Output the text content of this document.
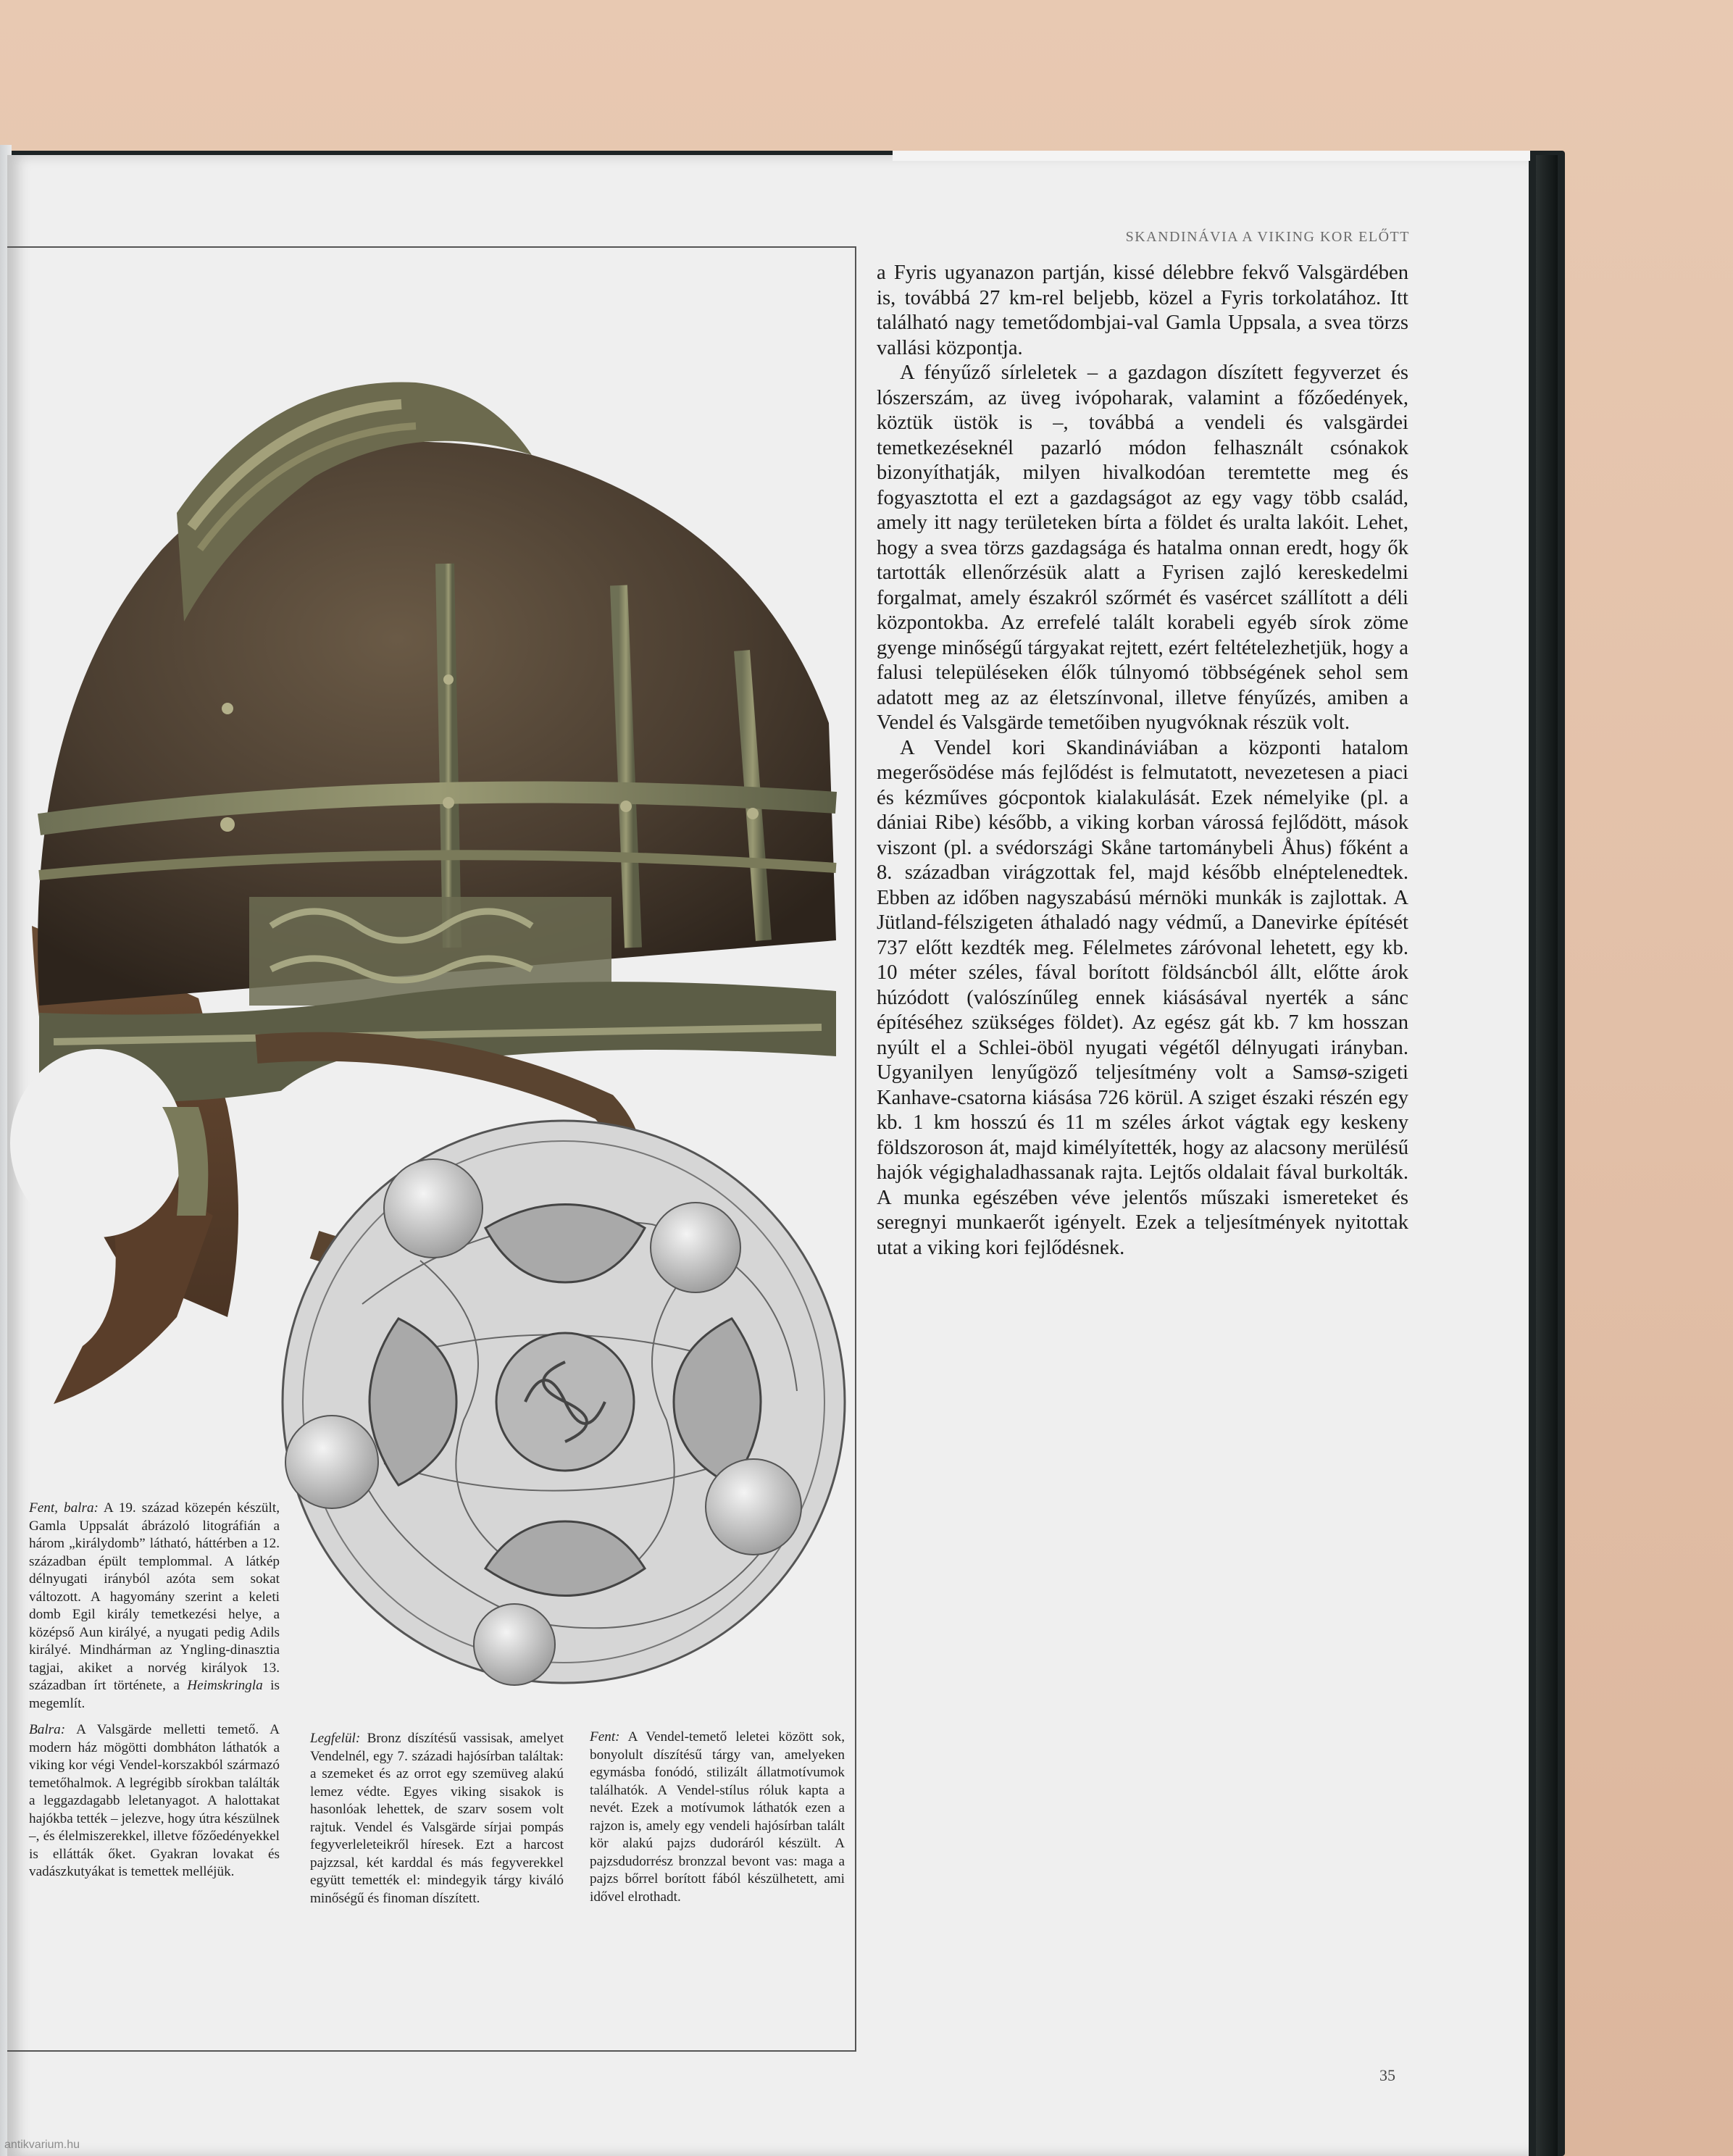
SKANDINÁVIA A VIKING KOR ELŐTT

a Fyris ugyanazon partján, kissé délebbre fekvő Valsgärdében is, továbbá 27 km-rel beljebb, közel a Fyris torkolatához. Itt található nagy temetődombjai-val Gamla Uppsala, a svea törzs vallási központja.

A fényűző sírleletek – a gazdagon díszített fegyverzet és lószerszám, az üveg ivópoharak, valamint a főzőedények, köztük üstök is –, továbbá a vendeli és valsgärdei temetkezéseknél pazarló módon felhasznált csónakok bizonyíthatják, milyen hivalkodóan teremtette meg és fogyasztotta el ezt a gazdagságot az egy vagy több család, amely itt nagy területeken bírta a földet és uralta lakóit. Lehet, hogy a svea törzs gazdagsága és hatalma onnan eredt, hogy ők tartották ellenőrzésük alatt a Fyrisen zajló kereskedelmi forgalmat, amely északról szőrmét és vasércet szállított a déli központokba. Az errefelé talált korabeli egyéb sírok zöme gyenge minőségű tárgyakat rejtett, ezért feltételezhetjük, hogy a falusi településeken élők túlnyomó többségének sehol sem adatott meg az az életszínvonal, illetve fényűzés, amiben a Vendel és Valsgärde temetőiben nyugvóknak részük volt.

A Vendel kori Skandináviában a központi hatalom megerősödése más fejlődést is felmutatott, nevezetesen a piaci és kézműves gócpontok kialakulását. Ezek némelyike (pl. a dániai Ribe) később, a viking korban várossá fejlődött, mások viszont (pl. a svédországi Skåne tartománybeli Åhus) főként a 8. században virágzottak fel, majd később elnéptelenedtek. Ebben az időben nagyszabású mérnöki munkák is zajlottak. A Jütland-félszigeten áthaladó nagy védmű, a Danevirke építését 737 előtt kezdték meg. Félelmetes záróvonal lehetett, egy kb. 10 méter széles, fával borított földsáncból állt, előtte árok húzódott (valószínűleg ennek kiásásával nyerték a sánc építéséhez szükséges földet). Az egész gát kb. 7 km hosszan nyúlt el a Schlei-öböl nyugati végétől délnyugati irányban. Ugyanilyen lenyűgöző teljesítmény volt a Samsø-szigeti Kanhave-csatorna kiásása 726 körül. A sziget északi részén egy kb. 1 km hosszú és 11 m széles árkot vágtak egy keskeny földszoroson át, majd kimélyítették, hogy az alacsony merülésű hajók végighaladhassanak rajta. Lejtős oldalait fával burkolták. A munka egészében véve jelentős műszaki ismereteket és seregnyi munkaerőt igényelt. Ezek a teljesítmények nyitottak utat a viking kori fejlődésnek.

Fent, balra: A 19. század közepén készült, Gamla Uppsalát ábrázoló litográfián a három „királydomb” látható, háttérben a 12. században épült templommal. A látkép délnyugati irányból azóta sem sokat változott. A hagyomány szerint a keleti domb Egil király temetkezési helye, a középső Aun királyé, a nyugati pedig Adils királyé. Mindhárman az Yngling-dinasztia tagjai, akiket a norvég királyok 13. században írt története, a Heimskringla is megemlít.

Balra: A Valsgärde melletti temető. A modern ház mögötti dombháton láthatók a viking kor végi Vendel-korszakból származó temetőhalmok. A legrégibb sírokban találták a leggazdagabb leletanyagot. A halottakat hajókba tették – jelezve, hogy útra készülnek –, és élelmiszerekkel, illetve főzőedényekkel is ellátták őket. Gyakran lovakat és vadászkutyákat is temettek melléjük.

Legfelül: Bronz díszítésű vassisak, amelyet Vendelnél, egy 7. századi hajósírban találtak: a szemeket és az orrot egy szemüveg alakú lemez védte. Egyes viking sisakok is hasonlóak lehettek, de szarv sosem volt rajtuk. Vendel és Valsgärde sírjai pompás fegyverleleteikről híresek. Ezt a harcost pajzzsal, két karddal és más fegyverekkel együtt temették el: mindegyik tárgy kiváló minőségű és finoman díszített.

Fent: A Vendel-temető leletei között sok, bonyolult díszítésű tárgy van, amelyeken egymásba fonódó, stilizált állatmotívumok találhatók. A Vendel-stílus róluk kapta a nevét. Ezek a motívumok láthatók ezen a rajzon is, amely egy vendeli hajósírban talált kör alakú pajzs dudoráról készült. A pajzsdudorrész bronzzal bevont vas: maga a pajzs bőrrel borított fából készülhetett, ami idővel elrothadt.

35
antikvarium.hu
